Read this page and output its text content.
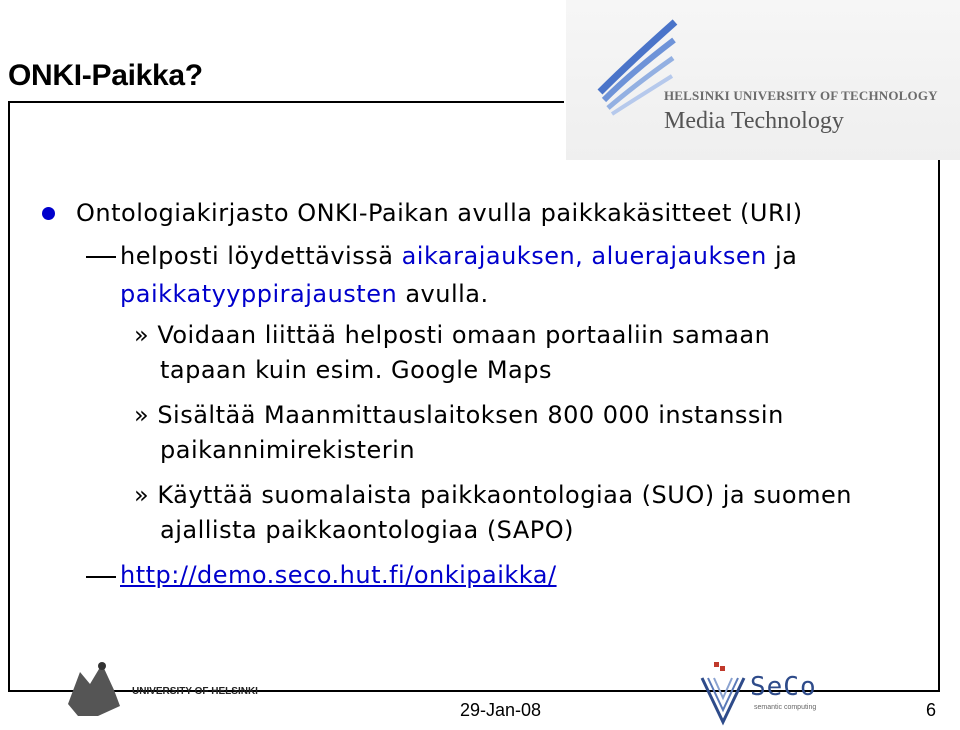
ONKI-Paikka?
HELSINKI UNIVERSITY OF TECHNOLOGY
Media Technology

Ontologiakirjasto ONKI-Paikan avulla paikkakäsitteet (URI)

helposti löydettävissä aikarajauksen, aluerajauksen ja

paikkatyyppirajausten avulla.

» Voidaan liittää helposti omaan portaaliin samaan

tapaan kuin esim. Google Maps

» Sisältää Maanmittauslaitoksen 800 000 instanssin

paikannimirekisterin

» Käyttää suomalaista paikkaontologiaa (SUO) ja suomen

ajallista paikkaontologiaa (SAPO)

http://demo.seco.hut.fi/onkipaikka/
UNIVERSITY OF HELSINKI	SeCo
semantic computing
29-Jan-08	6
